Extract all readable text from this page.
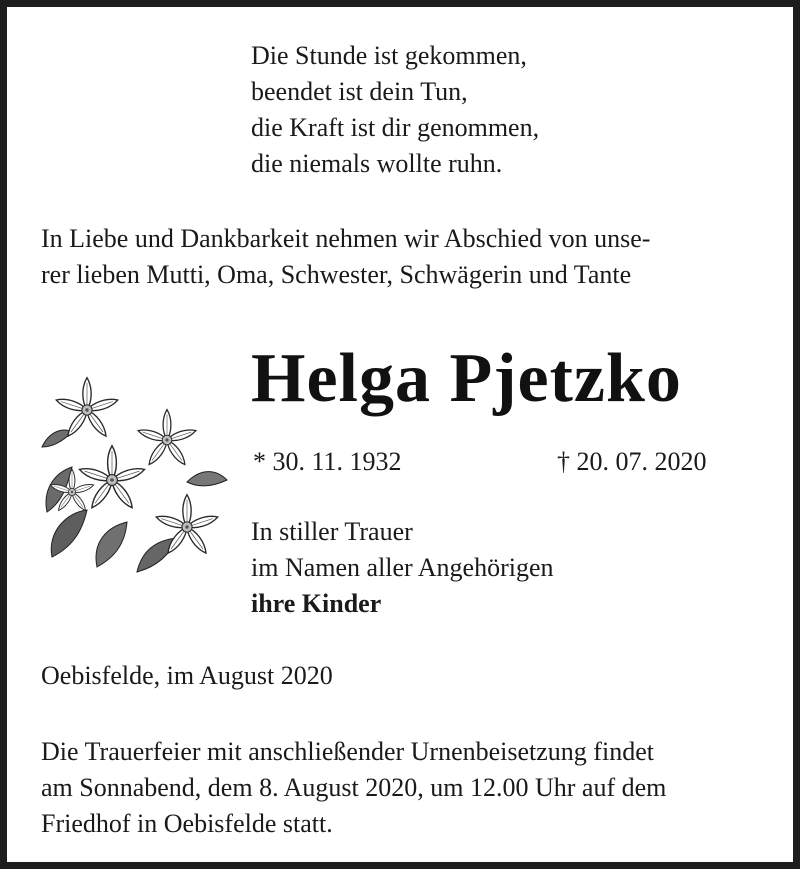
Die Stunde ist gekommen,
beendet ist dein Tun,
die Kraft ist dir genommen,
die niemals wollte ruhn.
In Liebe und Dankbarkeit nehmen wir Abschied von unse-
rer lieben Mutti, Oma, Schwester, Schwägerin und Tante
Helga Pjetzko
* 30. 11. 1932	† 20. 07. 2020
In stiller Trauer
im Namen aller Angehörigen
ihre Kinder
Oebisfelde, im August 2020
Die Trauerfeier mit anschließender Urnenbeisetzung findet
am Sonnabend, dem 8. August 2020, um 12.00 Uhr auf dem
Friedhof in Oebisfelde statt.
